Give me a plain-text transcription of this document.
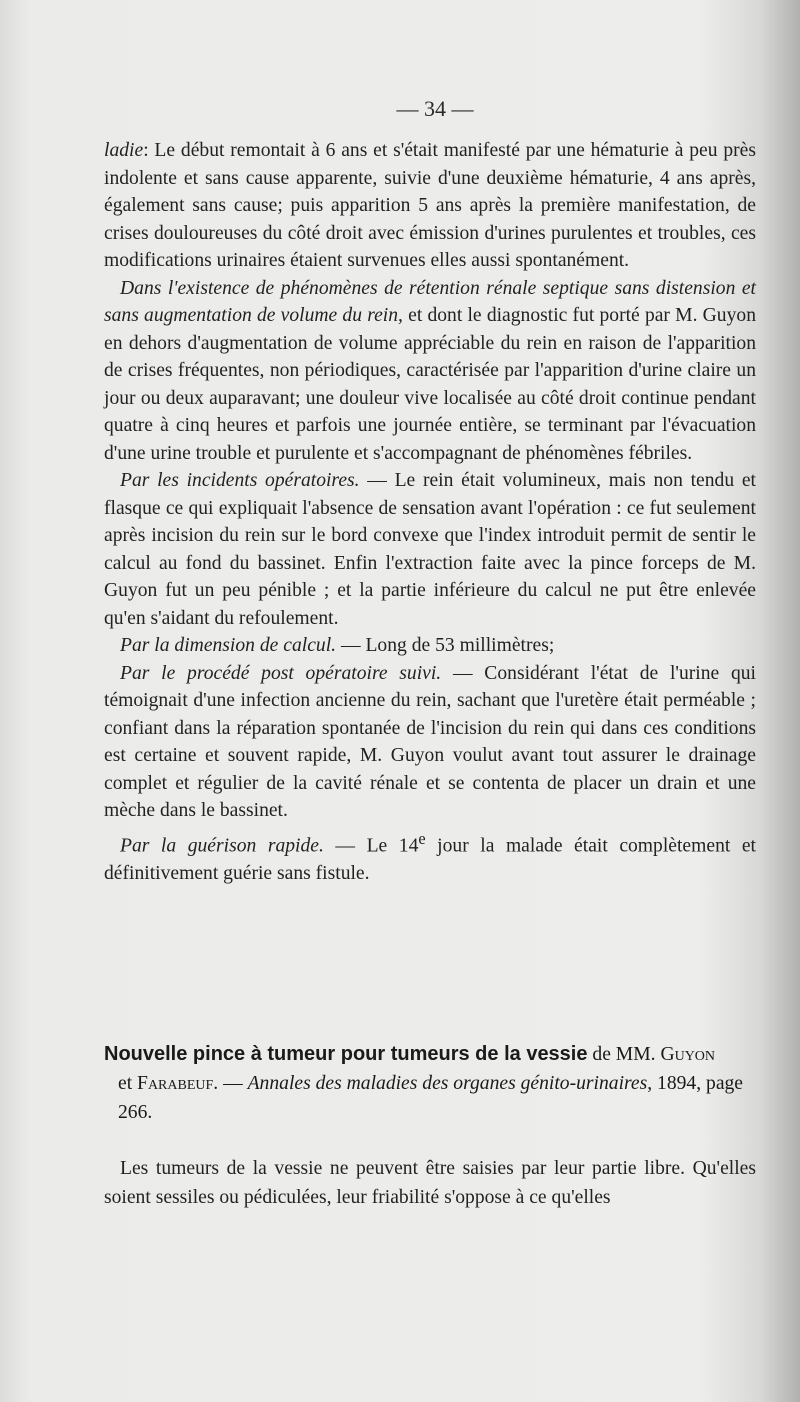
— 34 —

ladie: Le début remontait à 6 ans et s'était manifesté par une hématurie à peu près indolente et sans cause apparente, suivie d'une deuxième hématurie, 4 ans après, également sans cause; puis apparition 5 ans après la première manifestation, de crises douloureuses du côté droit avec émission d'urines purulentes et troubles, ces modifications urinaires étaient survenues elles aussi spontanément.

Dans l'existence de phénomènes de rétention rénale septique sans distension et sans augmentation de volume du rein, et dont le diagnostic fut porté par M. Guyon en dehors d'augmentation de volume appréciable du rein en raison de l'apparition de crises fréquentes, non périodiques, caractérisée par l'apparition d'urine claire un jour ou deux auparavant; une douleur vive localisée au côté droit continue pendant quatre à cinq heures et parfois une journée entière, se terminant par l'évacuation d'une urine trouble et purulente et s'accompagnant de phénomènes fébriles.

Par les incidents opératoires. — Le rein était volumineux, mais non tendu et flasque ce qui expliquait l'absence de sensation avant l'opération : ce fut seulement après incision du rein sur le bord convexe que l'index introduit permit de sentir le calcul au fond du bassinet. Enfin l'extraction faite avec la pince forceps de M. Guyon fut un peu pénible ; et la partie inférieure du calcul ne put être enlevée qu'en s'aidant du refoulement.

Par la dimension de calcul. — Long de 53 millimètres;

Par le procédé post opératoire suivi. — Considérant l'état de l'urine qui témoignait d'une infection ancienne du rein, sachant que l'uretère était perméable ; confiant dans la réparation spontanée de l'incision du rein qui dans ces conditions est certaine et souvent rapide, M. Guyon voulut avant tout assurer le drainage complet et régulier de la cavité rénale et se contenta de placer un drain et une mèche dans le bassinet.

Par la guérison rapide. — Le 14e jour la malade était complètement et définitivement guérie sans fistule.

Nouvelle pince à tumeur pour tumeurs de la vessie de MM. Guyon
et Farabeuf. — Annales des maladies des organes génito-urinaires, 1894, page 266.

Les tumeurs de la vessie ne peuvent être saisies par leur partie libre. Qu'elles soient sessiles ou pédiculées, leur friabilité s'oppose à ce qu'elles
